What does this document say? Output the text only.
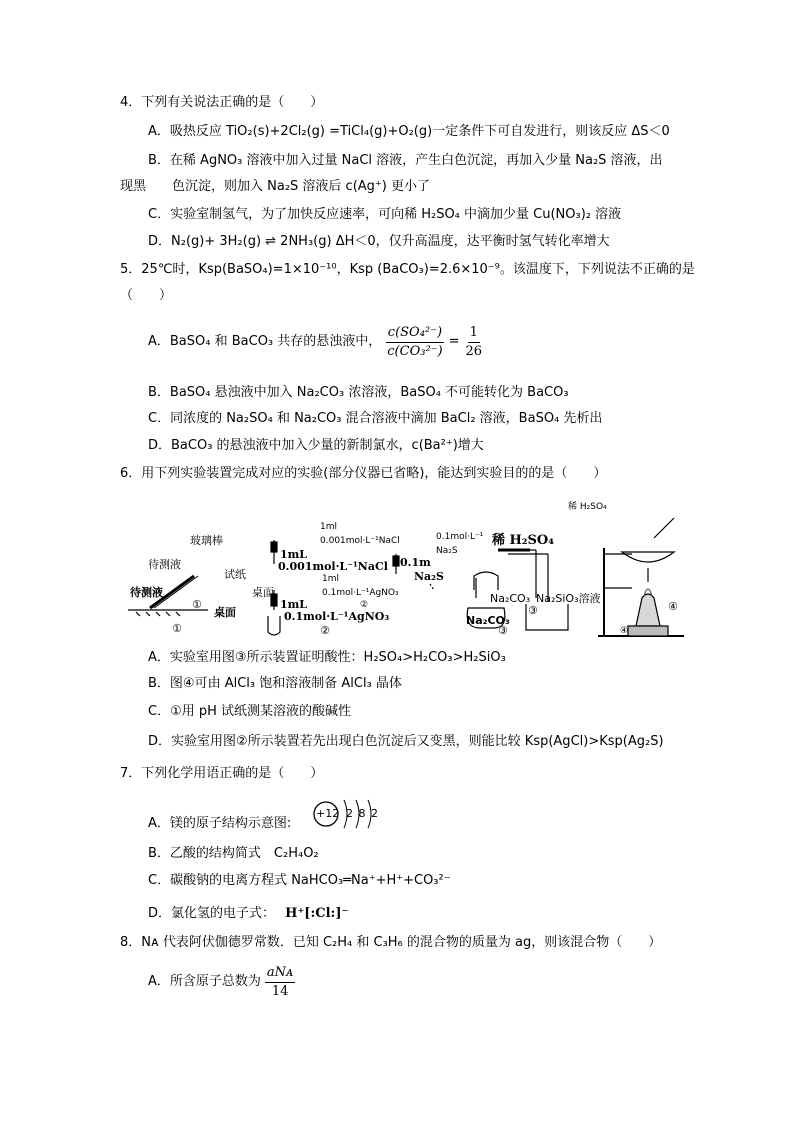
4．下列有关说法正确的是（　　）
A．吸热反应 TiO₂(s)+2Cl₂(g) =TiCl₄(g)+O₂(g)一定条件下可自发进行，则该反应 ΔS＜0
B．在稀 AgNO₃ 溶液中加入过量 NaCl 溶液，产生白色沉淀，再加入少量 Na₂S 溶液，出
现黑　　色沉淀，则加入 Na₂S 溶液后 c(Ag⁺) 更小了
C．实验室制氢气，为了加快反应速率，可向稀 H₂SO₄ 中滴加少量 Cu(NO₃)₂ 溶液
D．N₂(g)+ 3H₂(g) ⇌ 2NH₃(g) ΔH＜0，仅升高温度，达平衡时氢气转化率增大
5．25℃时，Ksp(BaSO₄)=1×10⁻¹⁰，Ksp (BaCO₃)=2.6×10⁻⁹。该温度下，下列说法不正确的是
（　　）
A．BaSO₄ 和 BaCO₃ 共存的悬浊液中， $\frac{\text{c(SO₄²⁻)}}{\text{c(CO₃²⁻)}} = \frac{1}{26}$
B．BaSO₄ 悬浊液中加入 Na₂CO₃ 浓溶液，BaSO₄ 不可能转化为 BaCO₃
C．同浓度的 Na₂SO₄ 和 Na₂CO₃ 混合溶液中滴加 BaCl₂ 溶液，BaSO₄ 先析出
D．BaCO₃ 的悬浊液中加入少量的新制氯水，c(Ba²⁺)增大
6．用下列实验装置完成对应的实验(部分仪器已省略)，能达到实验目的的是（　　）
玻璃棒
待测液
待测液
试纸
桌面
桌面
①
①
1ml
0.001mol·L⁻¹NaCl
1mL
0.001mol·L⁻¹NaCl 0.1m
Na₂S
1ml
0.1mol·L⁻¹AgNO₃
1mL
0.1mol·L⁻¹AgNO₃
②
②
稀 H₂SO₄
0.1mol·L⁻¹
Na₂S
稀 H₂SO₄
Na₂CO₃
Na₂CO₃
Na₂SiO₃溶液
③
③
④
④
A．实验室用图③所示装置证明酸性：H₂SO₄>H₂CO₃>H₂SiO₃
B．图④可由 AlCl₃ 饱和溶液制备 AlCl₃ 晶体
C．①用 pH 试纸测某溶液的酸碱性
D．实验室用图②所示装置若先出现白色沉淀后又变黑，则能比较 Ksp(AgCl)>Ksp(Ag₂S)
7．下列化学用语正确的是（　　）
A．镁的原子结构示意图:
+12 2 8 2
B．乙酸的结构简式　C₂H₄O₂
C．碳酸钠的电离方程式 NaHCO₃═Na⁺+H⁺+CO₃²⁻
D．氯化氢的电子式： H⁺[:Cl:]⁻
8．Nᴀ 代表阿伏伽德罗常数．已知 C₂H₄ 和 C₃H₆ 的混合物的质量为 ag，则该混合物（　　）
A．所含原子总数为 $\frac{\text{aNᴀ}}{14}$
